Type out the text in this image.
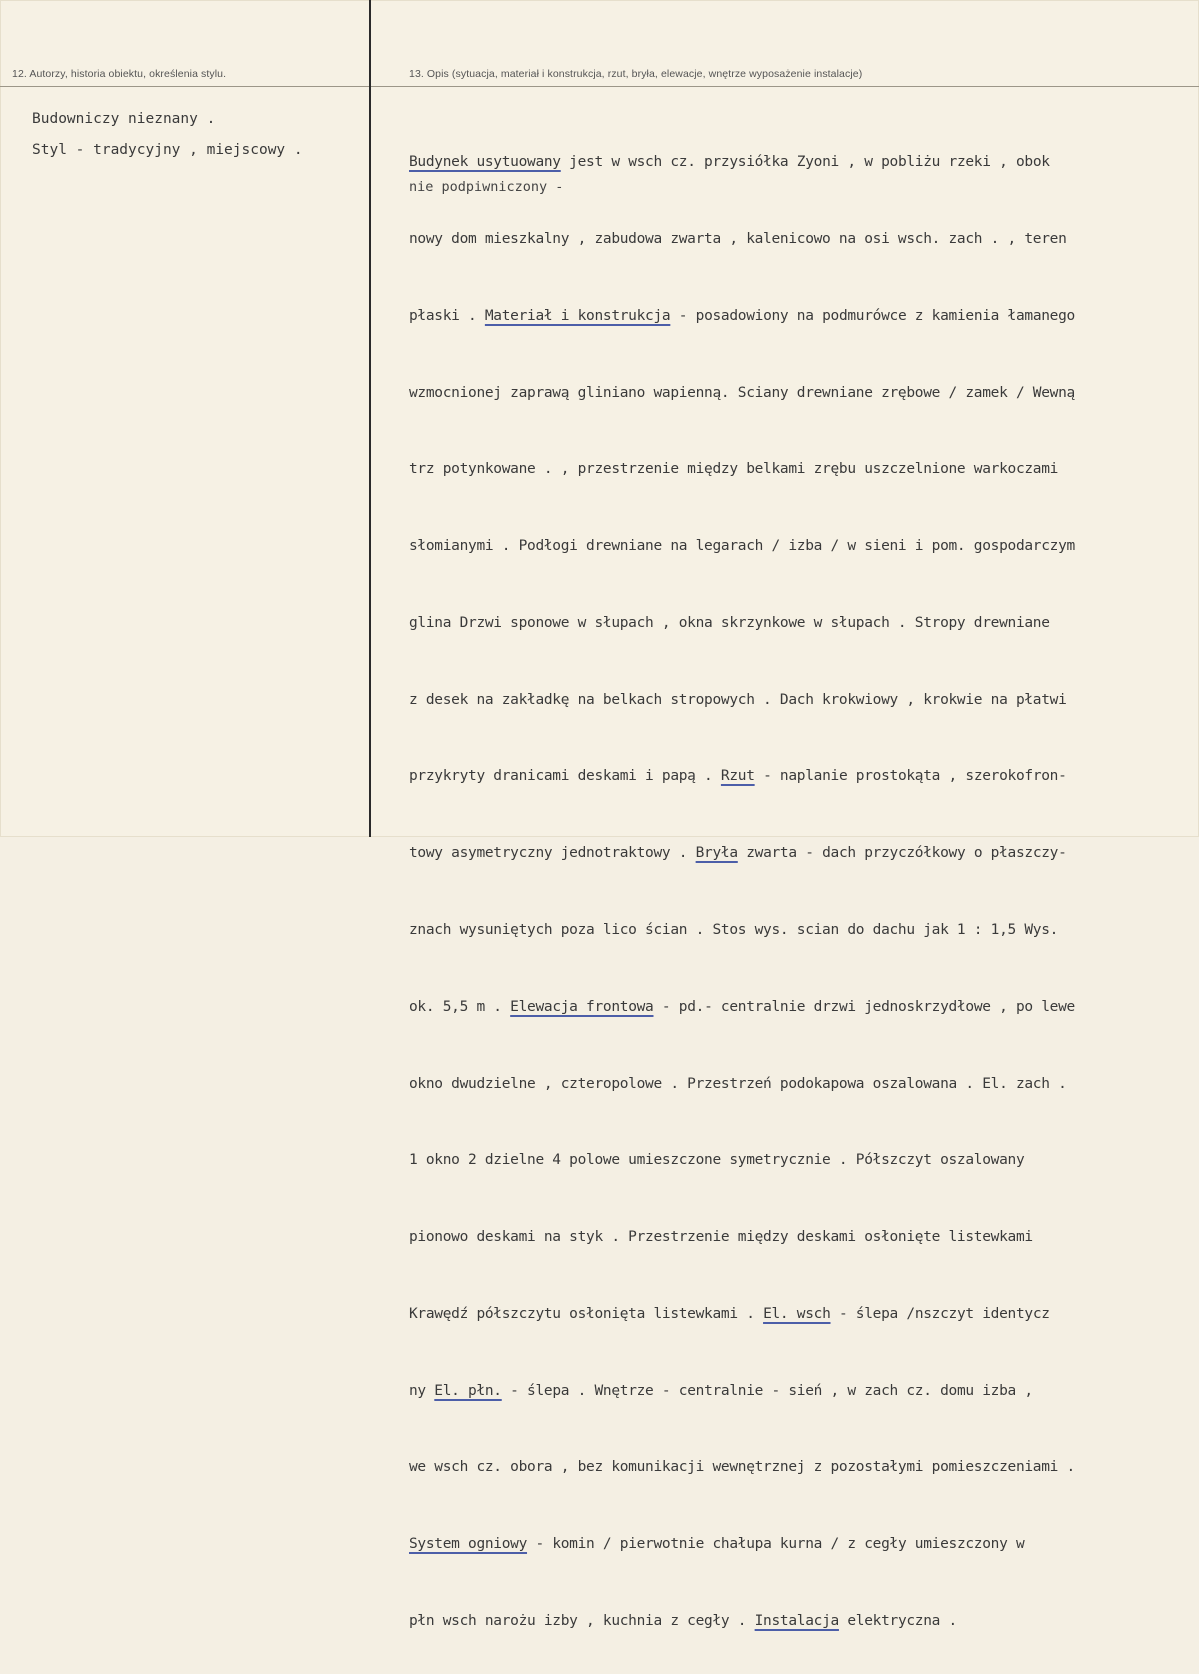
12. Autorzy, historia obiektu, określenia stylu.
Budowniczy nieznany .
Styl - tradycyjny , miejscowy .
13. Opis (sytuacja, materiał i konstrukcja, rzut, bryła, elewacje, wnętrze wyposażenie instalacje)
nie podpiwniczony -

Budynek usytuowany jest w wsch cz. przysiółka Zyoni , w pobliżu rzeki , obok

nowy dom mieszkalny , zabudowa zwarta , kalenicowo na osi wsch. zach . , teren

płaski . Materiał i konstrukcja - posadowiony na podmurówce z kamienia łamanego

wzmocnionej zaprawą gliniano wapienną. Sciany drewniane zrębowe / zamek / Wewną

trz potynkowane . , przestrzenie między belkami zrębu uszczelnione warkoczami

słomianymi . Podłogi drewniane na legarach / izba / w sieni i pom. gospodarczym

glina Drzwi sponowe w słupach , okna skrzynkowe w słupach . Stropy drewniane

z desek na zakładkę na belkach stropowych . Dach krokwiowy , krokwie na płatwi

przykryty dranicami deskami i papą . Rzut - naplanie prostokąta , szerokofron-

towy asymetryczny jednotraktowy . Bryła zwarta - dach przyczółkowy o płaszczy-

znach wysuniętych poza lico ścian . Stos wys. scian do dachu jak 1 : 1,5 Wys.

ok. 5,5 m . Elewacja frontowa - pd.- centralnie drzwi jednoskrzydłowe , po lewe

okno dwudzielne , czteropolowe . Przestrzeń podokapowa oszalowana . El. zach .

1 okno 2 dzielne 4 polowe umieszczone symetrycznie . Półszczyt oszalowany

pionowo deskami na styk . Przestrzenie między deskami osłonięte listewkami

Krawędź półszczytu osłonięta listewkami . El. wsch - ślepa /nszczyt identycz

ny El. płn. - ślepa . Wnętrze - centralnie - sień , w zach cz. domu izba ,

we wsch cz. obora , bez komunikacji wewnętrznej z pozostałymi pomieszczeniami .

System ogniowy - komin / pierwotnie chałupa kurna / z cegły umieszczony w

płn wsch narożu izby , kuchnia z cegły . Instalacja elektryczna .
